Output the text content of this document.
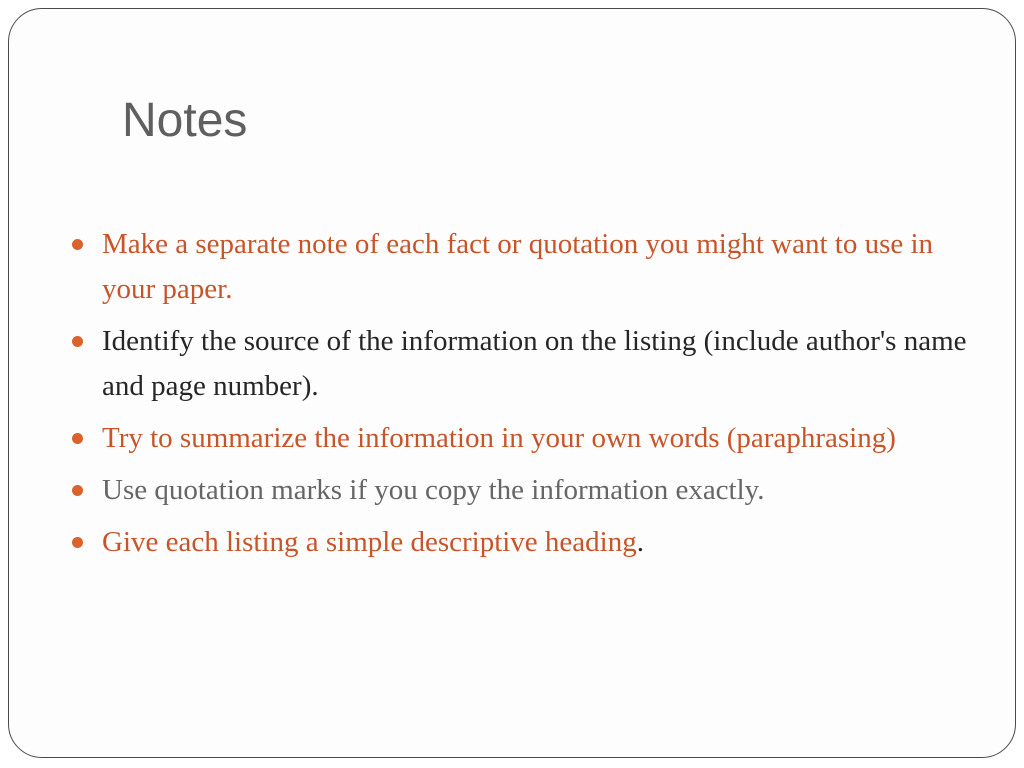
Notes
Make a separate note of each fact or quotation you might want to use in your paper.
Identify the source of the information on the listing (include author's name and page number).
Try to summarize the information in your own words (paraphrasing)
Use quotation marks if you copy the information exactly.
Give each listing a simple descriptive heading.
